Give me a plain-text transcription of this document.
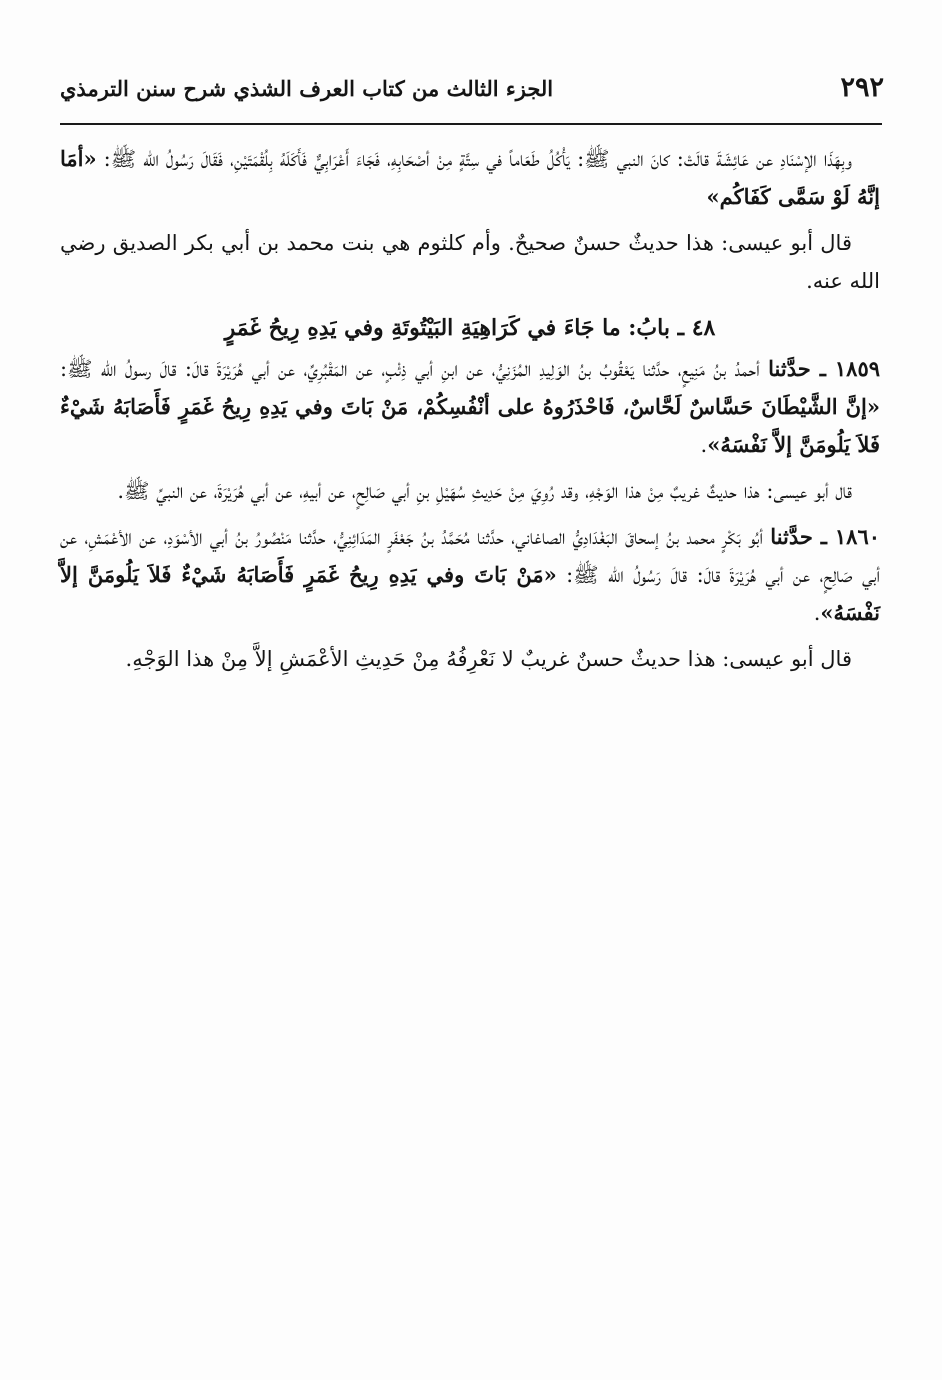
٢٩٢
الجزء الثالث من كتاب العرف الشذي شرح سنن الترمذي

وبِهَذَا الإسْنَادِ عن عَائِشَةَ قالَتْ: كانَ النبي ﷺ: يَأْكُلُ طَعَاماً في سِتَّةٍ مِنْ أصْحَابِهِ، فَجَاءَ أَعْرَابِيٌّ فَأَكَلَهُ بِلُقْمَتَيْنِ، فَقَالَ رَسُولُ الله ﷺ: «أمَا إنَّهُ لَوْ سَمَّى كَفَاكُم»

قال أبو عيسى: هذا حديثٌ حسنٌ صحيحٌ. وأم كلثوم هي بنت محمد بن أبي بكر الصديق رضي الله عنه.

٤٨ ـ بابُ: ما جَاءَ في كَرَاهِيَةِ البَيْتُوتَةِ وفي يَدِهِ رِيحُ غَمَرٍ

١٨٥٩ ـ حدَّثنا أحمدُ بنُ مَنِيعٍ، حدَّثنا يَعْقُوبُ بنُ الوَلِيدِ المُزَنِيُّ، عن ابنِ أبي ذِئْبٍ، عن المَقْبُرِيِّ، عن أبي هُرَيْرَةَ قالَ: قالَ رسولُ الله ﷺ: «إنَّ الشَّيْطَانَ حَسَّاسٌ لَحَّاسٌ، فَاحْذَرُوهُ على أنْفُسِكُمْ، مَنْ بَاتَ وفي يَدِهِ رِيحُ غَمَرٍ فَأَصَابَهُ شَيْءٌ فَلاَ يَلُومَنَّ إلاَّ نَفْسَهُ».

قال أبو عيسى: هذا حديثٌ غريبٌ مِنْ هذا الوَجْهِ، وقد رُوِيَ مِنْ حَدِيثِ سُهَيْلِ بنِ أبي صَالِحٍ، عن أبيهِ، عن أبي هُرَيْرَةَ، عن النبيِّ ﷺ.

١٨٦٠ ـ حدَّثنا أبُو بَكْرٍ محمد بنُ إسحاقَ البَغْدَادِيُّ الصاغاني، حدَّثنا مُحَمَّدُ بنُ جَعْفَرٍ المَدَائِنِيُّ، حدَّثنا مَنْصُورُ بنُ أبي الأسْوَدِ، عن الأعْمَشِ، عن أبي صَالِحٍ، عن أبي هُرَيْرَةَ قالَ: قالَ رَسُولُ الله ﷺ: «مَنْ بَاتَ وفي يَدِهِ رِيحُ غَمَرٍ فَأَصَابَهُ شَيْءٌ فَلاَ يَلُومَنَّ إلاَّ نَفْسَهُ».

قال أبو عيسى: هذا حديثٌ حسنٌ غريبٌ لا نَعْرِفُهُ مِنْ حَدِيثِ الأعْمَشِ إلاَّ مِنْ هذا الوَجْهِ.
